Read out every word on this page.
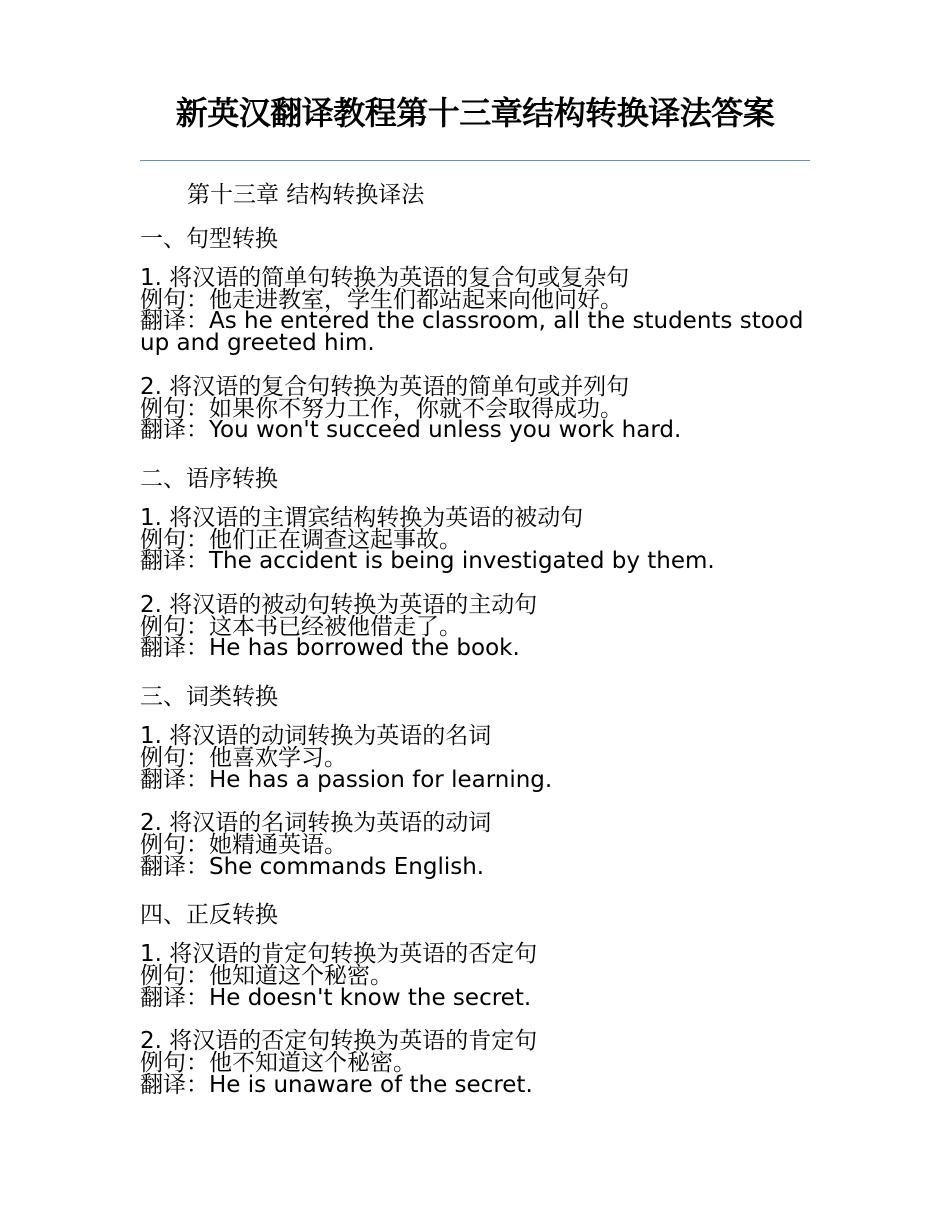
新英汉翻译教程第十三章结构转换译法答案
第十三章 结构转换译法
一、句型转换

1. 将汉语的简单句转换为英语的复合句或复杂句

例句：他走进教室，学生们都站起来向他问好。

翻译：As he entered the classroom, all the students stood up and greeted him.

2. 将汉语的复合句转换为英语的简单句或并列句

例句：如果你不努力工作，你就不会取得成功。

翻译：You won't succeed unless you work hard.

二、语序转换

1. 将汉语的主谓宾结构转换为英语的被动句

例句：他们正在调查这起事故。

翻译：The accident is being investigated by them.

2. 将汉语的被动句转换为英语的主动句

例句：这本书已经被他借走了。

翻译：He has borrowed the book.

三、词类转换

1. 将汉语的动词转换为英语的名词

例句：他喜欢学习。

翻译：He has a passion for learning.

2. 将汉语的名词转换为英语的动词

例句：她精通英语。

翻译：She commands English.

四、正反转换

1. 将汉语的肯定句转换为英语的否定句

例句：他知道这个秘密。

翻译：He doesn't know the secret.

2. 将汉语的否定句转换为英语的肯定句

例句：他不知道这个秘密。

翻译：He is unaware of the secret.
